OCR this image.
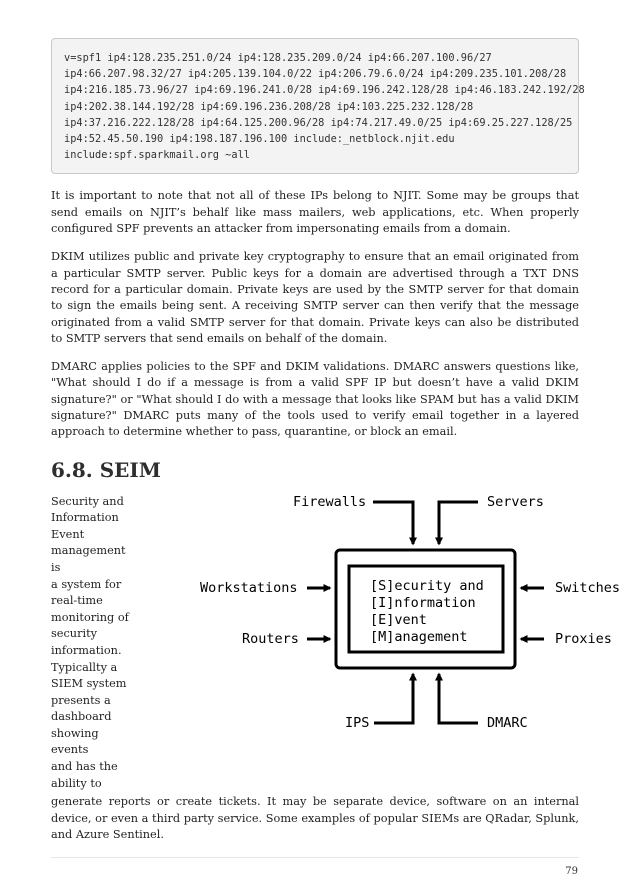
v=spf1 ip4:128.235.251.0/24 ip4:128.235.209.0/24 ip4:66.207.100.96/27
ip4:66.207.98.32/27 ip4:205.139.104.0/22 ip4:206.79.6.0/24 ip4:209.235.101.208/28
ip4:216.185.73.96/27 ip4:69.196.241.0/28 ip4:69.196.242.128/28 ip4:46.183.242.192/28
ip4:202.38.144.192/28 ip4:69.196.236.208/28 ip4:103.225.232.128/28
ip4:37.216.222.128/28 ip4:64.125.200.96/28 ip4:74.217.49.0/25 ip4:69.25.227.128/25
ip4:52.45.50.190 ip4:198.187.196.100 include:_netblock.njit.edu
include:spf.sparkmail.org ~all

It is important to note that not all of these IPs belong to NJIT. Some may be groups that send emails on NJIT’s behalf like mass mailers, web applications, etc. When properly configured SPF prevents an attacker from impersonating emails from a domain.

DKIM utilizes public and private key cryptography to ensure that an email originated from a particular SMTP server. Public keys for a domain are advertised through a TXT DNS record for a particular domain. Private keys are used by the SMTP server for that domain to sign the emails being sent. A receiving SMTP server can then verify that the message originated from a valid SMTP server for that domain. Private keys can also be distributed to SMTP servers that send emails on behalf of the domain.

DMARC applies policies to the SPF and DKIM validations. DMARC answers questions like, "What should I do if a message is from a valid SPF IP but doesn’t have a valid DKIM signature?" or "What should I do with a message that looks like SPAM but has a valid DKIM signature?" DMARC puts many of the tools used to verify email together in a layered approach to determine whether to pass, quarantine, or block an email.

6.8. SEIM
Security and
Information
Event
management is
a system for
real-time
monitoring of
security
information.
Typicallty a
SIEM system
presents a
dashboard
showing events
and has the
ability to
[S]ecurity and
[I]nformation
[E]vent
[M]anagement
Firewalls	Servers
Workstations
Routers
Switches
Proxies
IPS	DMARC

generate reports or create tickets. It may be separate device, software on an internal device, or even a third party service. Some examples of popular SIEMs are QRadar, Splunk, and Azure Sentinel.

79
